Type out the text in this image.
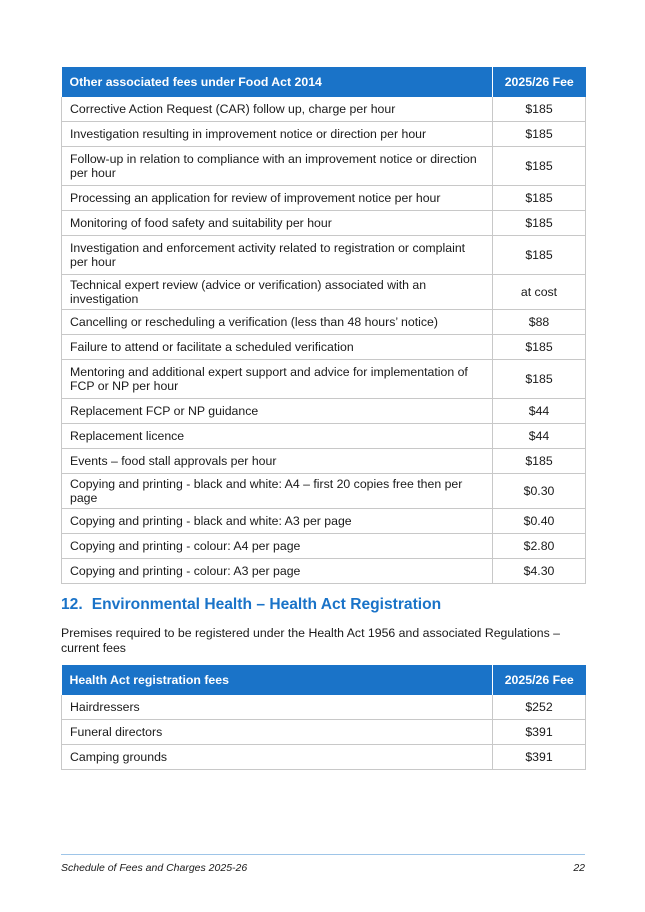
Other associated fees under Food Act 2014	2025/26 Fee
Corrective Action Request (CAR) follow up, charge per hour	$185
Investigation resulting in improvement notice or direction per hour	$185
Follow-up in relation to compliance with an improvement notice or direction per hour	$185
Processing an application for review of improvement notice per hour	$185
Monitoring of food safety and suitability per hour	$185
Investigation and enforcement activity related to registration or complaint per hour	$185
Technical expert review (advice or verification) associated with an investigation	at cost
Cancelling or rescheduling a verification (less than 48 hours’ notice)	$88
Failure to attend or facilitate a scheduled verification	$185
Mentoring and additional expert support and advice for implementation of FCP or NP per hour	$185
Replacement FCP or NP guidance	$44
Replacement licence	$44
Events – food stall approvals per hour	$185
Copying and printing - black and white: A4 – first 20 copies free then per page	$0.30
Copying and printing - black and white: A3 per page	$0.40
Copying and printing - colour: A4 per page	$2.80
Copying and printing - colour: A3 per page	$4.30
12. Environmental Health – Health Act Registration

Premises required to be registered under the Health Act 1956 and associated Regulations – current fees

Health Act registration fees	2025/26 Fee
Hairdressers	$252
Funeral directors	$391
Camping grounds	$391
Schedule of Fees and Charges 2025-26	22
